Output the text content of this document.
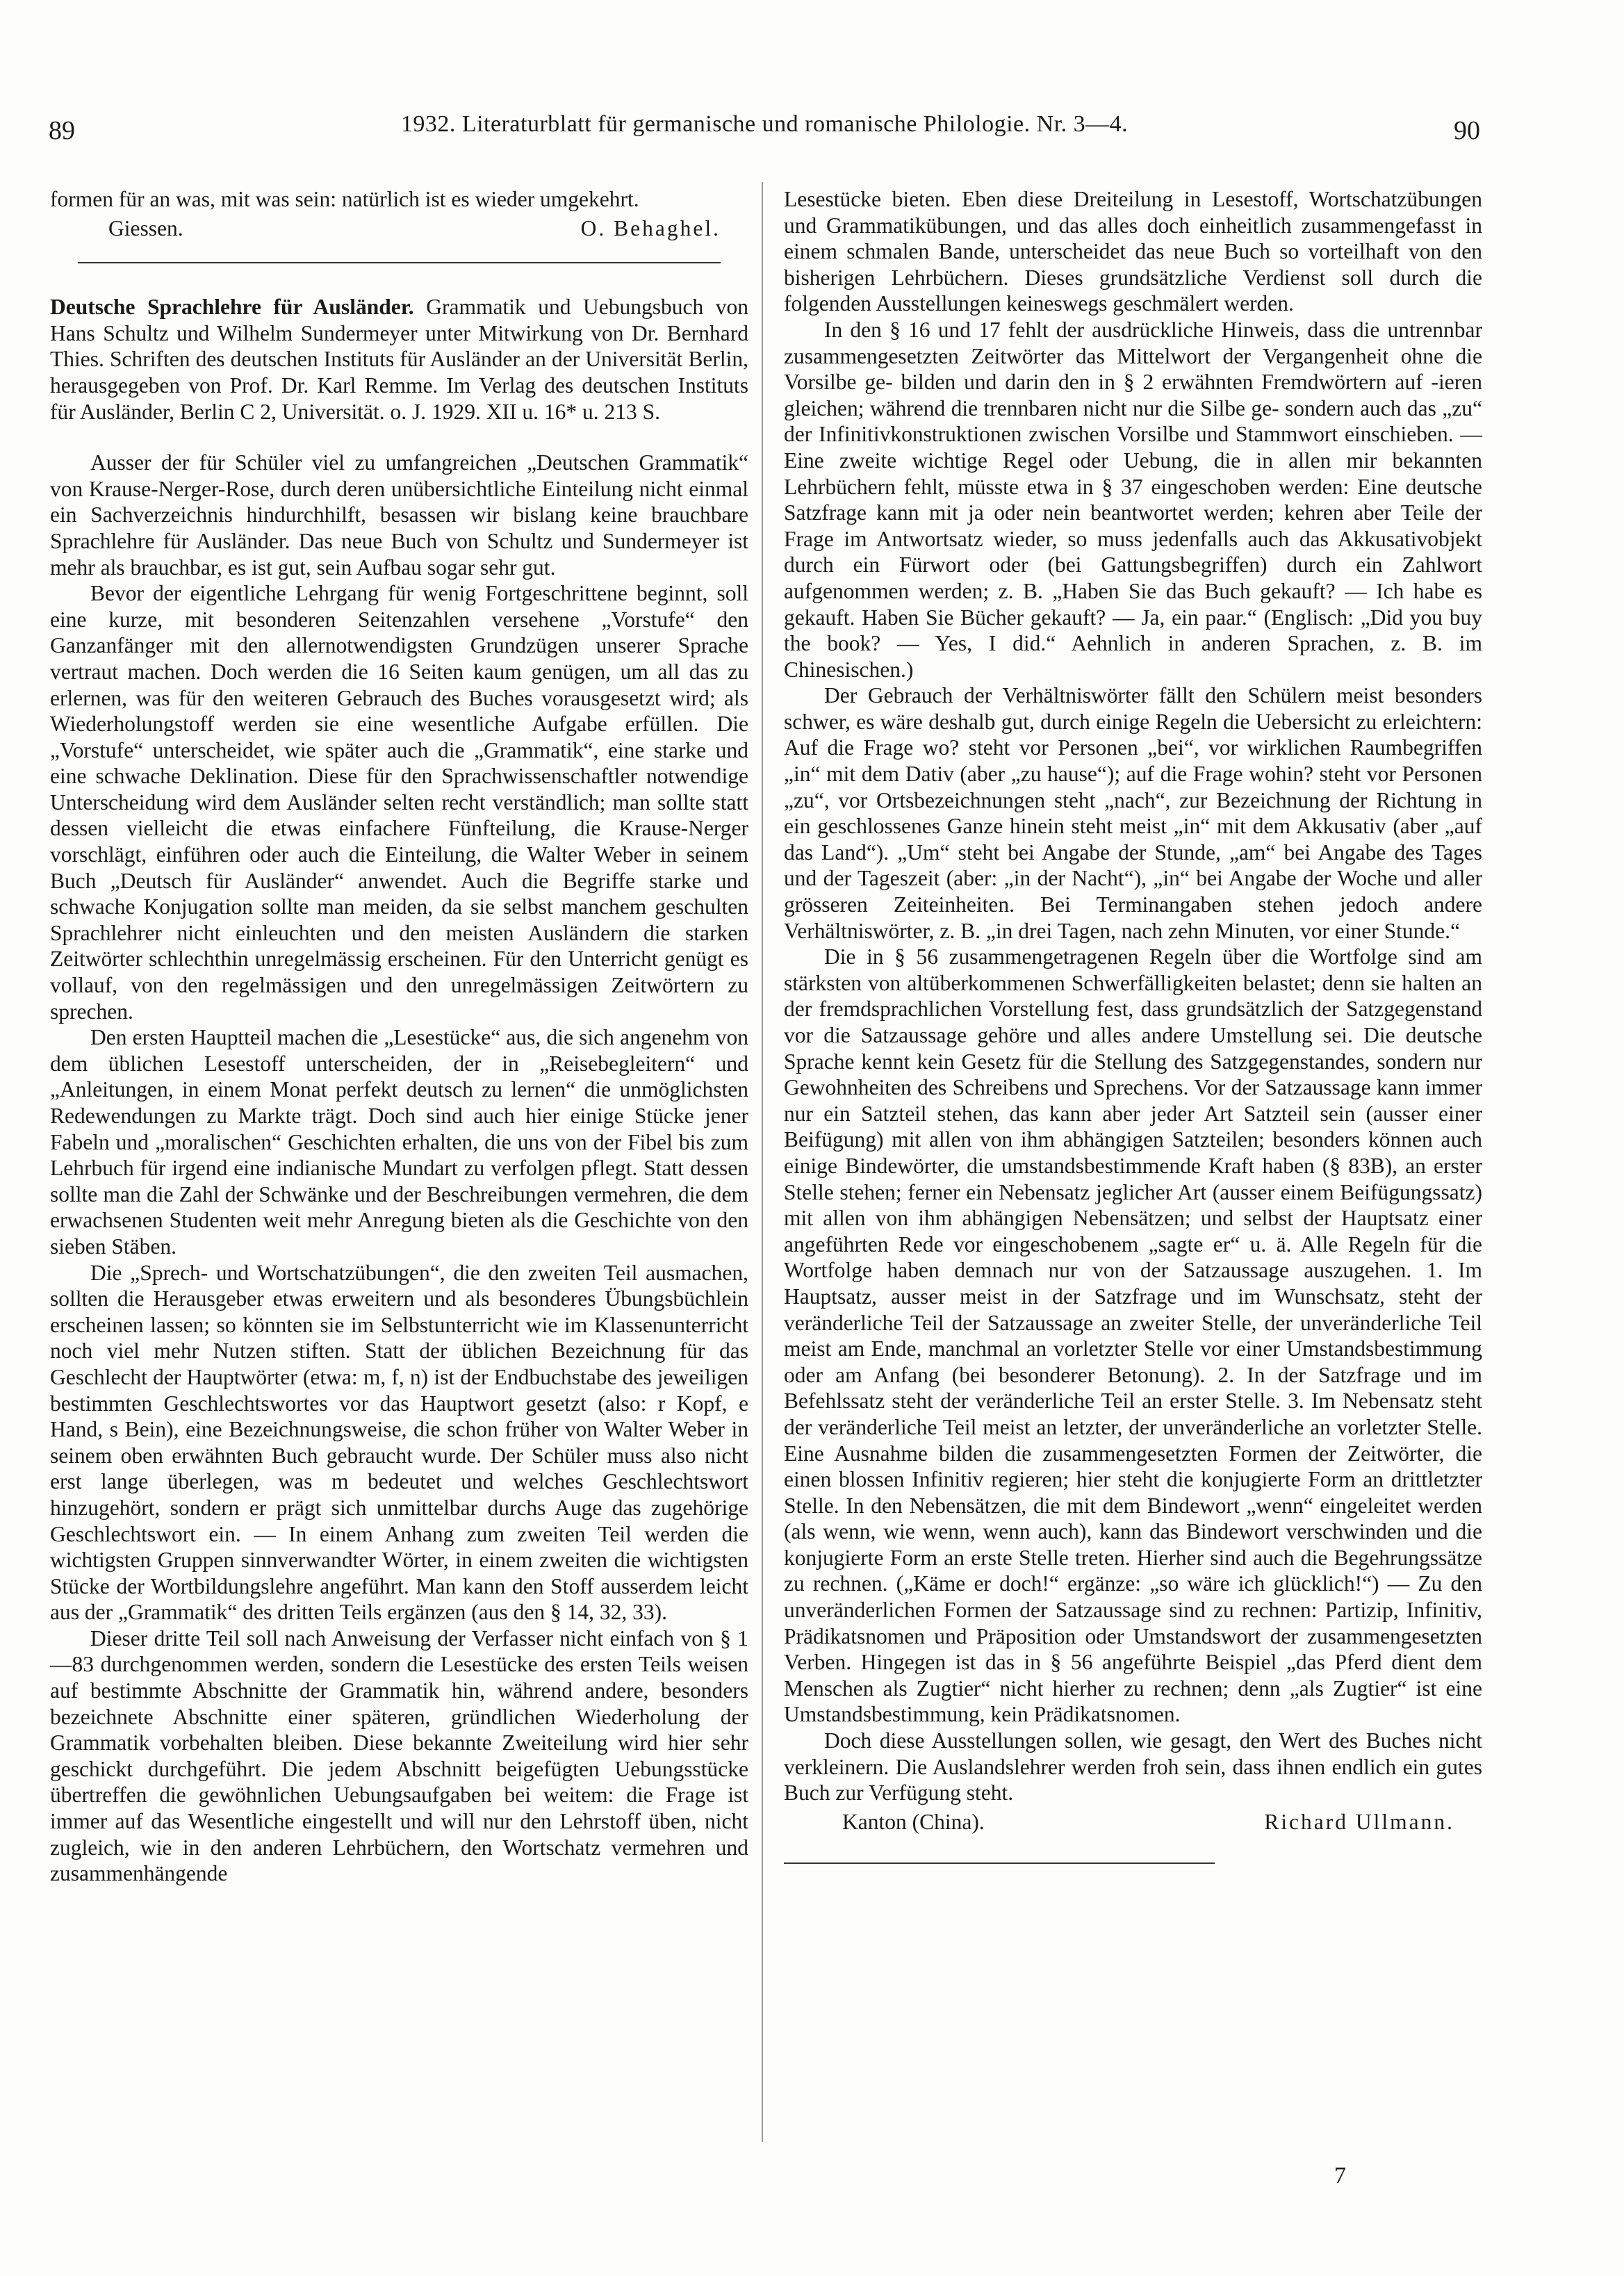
89	1932. Literaturblatt für germanische und romanische Philologie. Nr. 3—4.	90

formen für an was, mit was sein: natürlich ist es wieder umgekehrt.

Giessen.	O. Behaghel.

Deutsche Sprachlehre für Ausländer. Grammatik und Uebungsbuch von Hans Schultz und Wilhelm Sundermeyer unter Mitwirkung von Dr. Bernhard Thies. Schriften des deutschen Instituts für Ausländer an der Universität Berlin, herausgegeben von Prof. Dr. Karl Remme. Im Verlag des deutschen Instituts für Ausländer, Berlin C 2, Universität. o. J. 1929. XII u. 16* u. 213 S.

Ausser der für Schüler viel zu umfangreichen „Deutschen Grammatik“ von Krause-Nerger-Rose, durch deren unübersichtliche Einteilung nicht einmal ein Sachverzeichnis hindurchhilft, besassen wir bislang keine brauchbare Sprachlehre für Ausländer. Das neue Buch von Schultz und Sundermeyer ist mehr als brauchbar, es ist gut, sein Aufbau sogar sehr gut.

Bevor der eigentliche Lehrgang für wenig Fortgeschrittene beginnt, soll eine kurze, mit besonderen Seitenzahlen versehene „Vorstufe“ den Ganzanfänger mit den allernotwendigsten Grundzügen unserer Sprache vertraut machen. Doch werden die 16 Seiten kaum genügen, um all das zu erlernen, was für den weiteren Gebrauch des Buches vorausgesetzt wird; als Wiederholungstoff werden sie eine wesentliche Aufgabe erfüllen. Die „Vorstufe“ unterscheidet, wie später auch die „Grammatik“, eine starke und eine schwache Deklination. Diese für den Sprachwissenschaftler notwendige Unterscheidung wird dem Ausländer selten recht verständlich; man sollte statt dessen vielleicht die etwas einfachere Fünfteilung, die Krause-Nerger vorschlägt, einführen oder auch die Einteilung, die Walter Weber in seinem Buch „Deutsch für Ausländer“ anwendet. Auch die Begriffe starke und schwache Konjugation sollte man meiden, da sie selbst manchem geschulten Sprachlehrer nicht einleuchten und den meisten Ausländern die starken Zeitwörter schlechthin unregelmässig erscheinen. Für den Unterricht genügt es vollauf, von den regelmässigen und den unregelmässigen Zeitwörtern zu sprechen.

Den ersten Hauptteil machen die „Lesestücke“ aus, die sich angenehm von dem üblichen Lesestoff unterscheiden, der in „Reisebegleitern“ und „Anleitungen, in einem Monat perfekt deutsch zu lernen“ die unmöglichsten Redewendungen zu Markte trägt. Doch sind auch hier einige Stücke jener Fabeln und „moralischen“ Geschichten erhalten, die uns von der Fibel bis zum Lehrbuch für irgend eine indianische Mundart zu verfolgen pflegt. Statt dessen sollte man die Zahl der Schwänke und der Beschreibungen vermehren, die dem erwachsenen Studenten weit mehr Anregung bieten als die Geschichte von den sieben Stäben.

Die „Sprech- und Wortschatzübungen“, die den zweiten Teil ausmachen, sollten die Herausgeber etwas erweitern und als besonderes Übungsbüchlein erscheinen lassen; so könnten sie im Selbstunterricht wie im Klassenunterricht noch viel mehr Nutzen stiften. Statt der üblichen Bezeichnung für das Geschlecht der Hauptwörter (etwa: m, f, n) ist der Endbuchstabe des jeweiligen bestimmten Geschlechtswortes vor das Hauptwort gesetzt (also: r Kopf, e Hand, s Bein), eine Bezeichnungsweise, die schon früher von Walter Weber in seinem oben erwähnten Buch gebraucht wurde. Der Schüler muss also nicht erst lange überlegen, was m bedeutet und welches Geschlechtswort hinzugehört, sondern er prägt sich unmittelbar durchs Auge das zugehörige Geschlechtswort ein. — In einem Anhang zum zweiten Teil werden die wichtigsten Gruppen sinnverwandter Wörter, in einem zweiten die wichtigsten Stücke der Wortbildungslehre angeführt. Man kann den Stoff ausserdem leicht aus der „Grammatik“ des dritten Teils ergänzen (aus den § 14, 32, 33).

Dieser dritte Teil soll nach Anweisung der Verfasser nicht einfach von § 1—83 durchgenommen werden, sondern die Lesestücke des ersten Teils weisen auf bestimmte Abschnitte der Grammatik hin, während andere, besonders bezeichnete Abschnitte einer späteren, gründlichen Wiederholung der Grammatik vorbehalten bleiben. Diese bekannte Zweiteilung wird hier sehr geschickt durchgeführt. Die jedem Abschnitt beigefügten Uebungsstücke übertreffen die gewöhnlichen Uebungsaufgaben bei weitem: die Frage ist immer auf das Wesentliche eingestellt und will nur den Lehrstoff üben, nicht zugleich, wie in den anderen Lehrbüchern, den Wortschatz vermehren und zusammenhängende

Lesestücke bieten. Eben diese Dreiteilung in Lesestoff, Wortschatzübungen und Grammatikübungen, und das alles doch einheitlich zusammengefasst in einem schmalen Bande, unterscheidet das neue Buch so vorteilhaft von den bisherigen Lehrbüchern. Dieses grundsätzliche Verdienst soll durch die folgenden Ausstellungen keineswegs geschmälert werden.

In den § 16 und 17 fehlt der ausdrückliche Hinweis, dass die untrennbar zusammengesetzten Zeitwörter das Mittelwort der Vergangenheit ohne die Vorsilbe ge- bilden und darin den in § 2 erwähnten Fremdwörtern auf -ieren gleichen; während die trennbaren nicht nur die Silbe ge- sondern auch das „zu“ der Infinitivkonstruktionen zwischen Vorsilbe und Stammwort einschieben. — Eine zweite wichtige Regel oder Uebung, die in allen mir bekannten Lehrbüchern fehlt, müsste etwa in § 37 eingeschoben werden: Eine deutsche Satzfrage kann mit ja oder nein beantwortet werden; kehren aber Teile der Frage im Antwortsatz wieder, so muss jedenfalls auch das Akkusativobjekt durch ein Fürwort oder (bei Gattungsbegriffen) durch ein Zahlwort aufgenommen werden; z. B. „Haben Sie das Buch gekauft? — Ich habe es gekauft. Haben Sie Bücher gekauft? — Ja, ein paar.“ (Englisch: „Did you buy the book? — Yes, I did.“ Aehnlich in anderen Sprachen, z. B. im Chinesischen.)

Der Gebrauch der Verhältniswörter fällt den Schülern meist besonders schwer, es wäre deshalb gut, durch einige Regeln die Uebersicht zu erleichtern: Auf die Frage wo? steht vor Personen „bei“, vor wirklichen Raumbegriffen „in“ mit dem Dativ (aber „zu hause“); auf die Frage wohin? steht vor Personen „zu“, vor Ortsbezeichnungen steht „nach“, zur Bezeichnung der Richtung in ein geschlossenes Ganze hinein steht meist „in“ mit dem Akkusativ (aber „auf das Land“). „Um“ steht bei Angabe der Stunde, „am“ bei Angabe des Tages und der Tageszeit (aber: „in der Nacht“), „in“ bei Angabe der Woche und aller grösseren Zeiteinheiten. Bei Terminangaben stehen jedoch andere Verhältniswörter, z. B. „in drei Tagen, nach zehn Minuten, vor einer Stunde.“

Die in § 56 zusammengetragenen Regeln über die Wortfolge sind am stärksten von altüberkommenen Schwerfälligkeiten belastet; denn sie halten an der fremdsprachlichen Vorstellung fest, dass grundsätzlich der Satzgegenstand vor die Satzaussage gehöre und alles andere Umstellung sei. Die deutsche Sprache kennt kein Gesetz für die Stellung des Satzgegenstandes, sondern nur Gewohnheiten des Schreibens und Sprechens. Vor der Satzaussage kann immer nur ein Satzteil stehen, das kann aber jeder Art Satzteil sein (ausser einer Beifügung) mit allen von ihm abhängigen Satzteilen; besonders können auch einige Bindewörter, die umstandsbestimmende Kraft haben (§ 83B), an erster Stelle stehen; ferner ein Nebensatz jeglicher Art (ausser einem Beifügungssatz) mit allen von ihm abhängigen Nebensätzen; und selbst der Hauptsatz einer angeführten Rede vor eingeschobenem „sagte er“ u. ä. Alle Regeln für die Wortfolge haben demnach nur von der Satzaussage auszugehen. 1. Im Hauptsatz, ausser meist in der Satzfrage und im Wunschsatz, steht der veränderliche Teil der Satzaussage an zweiter Stelle, der unveränderliche Teil meist am Ende, manchmal an vorletzter Stelle vor einer Umstandsbestimmung oder am Anfang (bei besonderer Betonung). 2. In der Satzfrage und im Befehlssatz steht der veränderliche Teil an erster Stelle. 3. Im Nebensatz steht der veränderliche Teil meist an letzter, der unveränderliche an vorletzter Stelle. Eine Ausnahme bilden die zusammengesetzten Formen der Zeitwörter, die einen blossen Infinitiv regieren; hier steht die konjugierte Form an drittletzter Stelle. In den Nebensätzen, die mit dem Bindewort „wenn“ eingeleitet werden (als wenn, wie wenn, wenn auch), kann das Bindewort verschwinden und die konjugierte Form an erste Stelle treten. Hierher sind auch die Begehrungssätze zu rechnen. („Käme er doch!“ ergänze: „so wäre ich glücklich!“) — Zu den unveränderlichen Formen der Satzaussage sind zu rechnen: Partizip, Infinitiv, Prädikatsnomen und Präposition oder Umstandswort der zusammengesetzten Verben. Hingegen ist das in § 56 angeführte Beispiel „das Pferd dient dem Menschen als Zugtier“ nicht hierher zu rechnen; denn „als Zugtier“ ist eine Umstandsbestimmung, kein Prädikatsnomen.

Doch diese Ausstellungen sollen, wie gesagt, den Wert des Buches nicht verkleinern. Die Auslandslehrer werden froh sein, dass ihnen endlich ein gutes Buch zur Verfügung steht.

Kanton (China).	Richard Ullmann.
7
